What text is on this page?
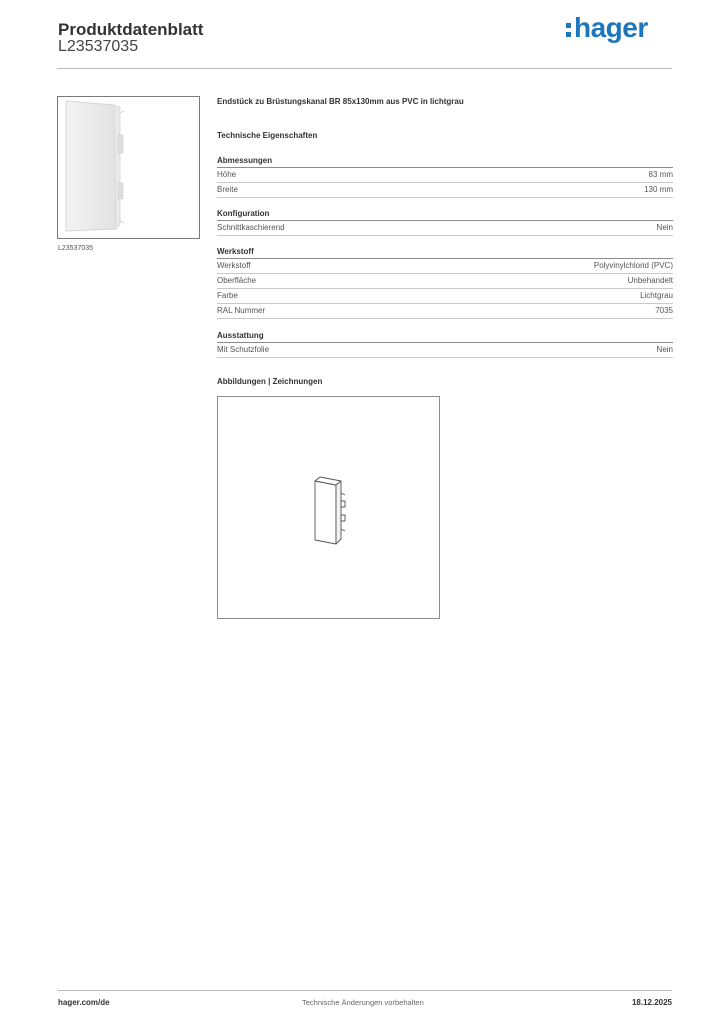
Produktdatenblatt
L23537035
hager
L23537035
Endstück zu Brüstungskanal BR 85x130mm aus PVC in lichtgrau
Technische Eigenschaften
Abmessungen
Höhe	83 mm
Breite	130 mm
Konfiguration
Schnittkaschierend	Nein
Werkstoff
Werkstoff	Polyvinylchlorid (PVC)
Oberfläche	Unbehandelt
Farbe	Lichtgrau
RAL Nummer	7035
Ausstattung
Mit Schutzfolie	Nein
Abbildungen | Zeichnungen
hager.com/de	Technische Änderungen vorbehalten	18.12.2025
